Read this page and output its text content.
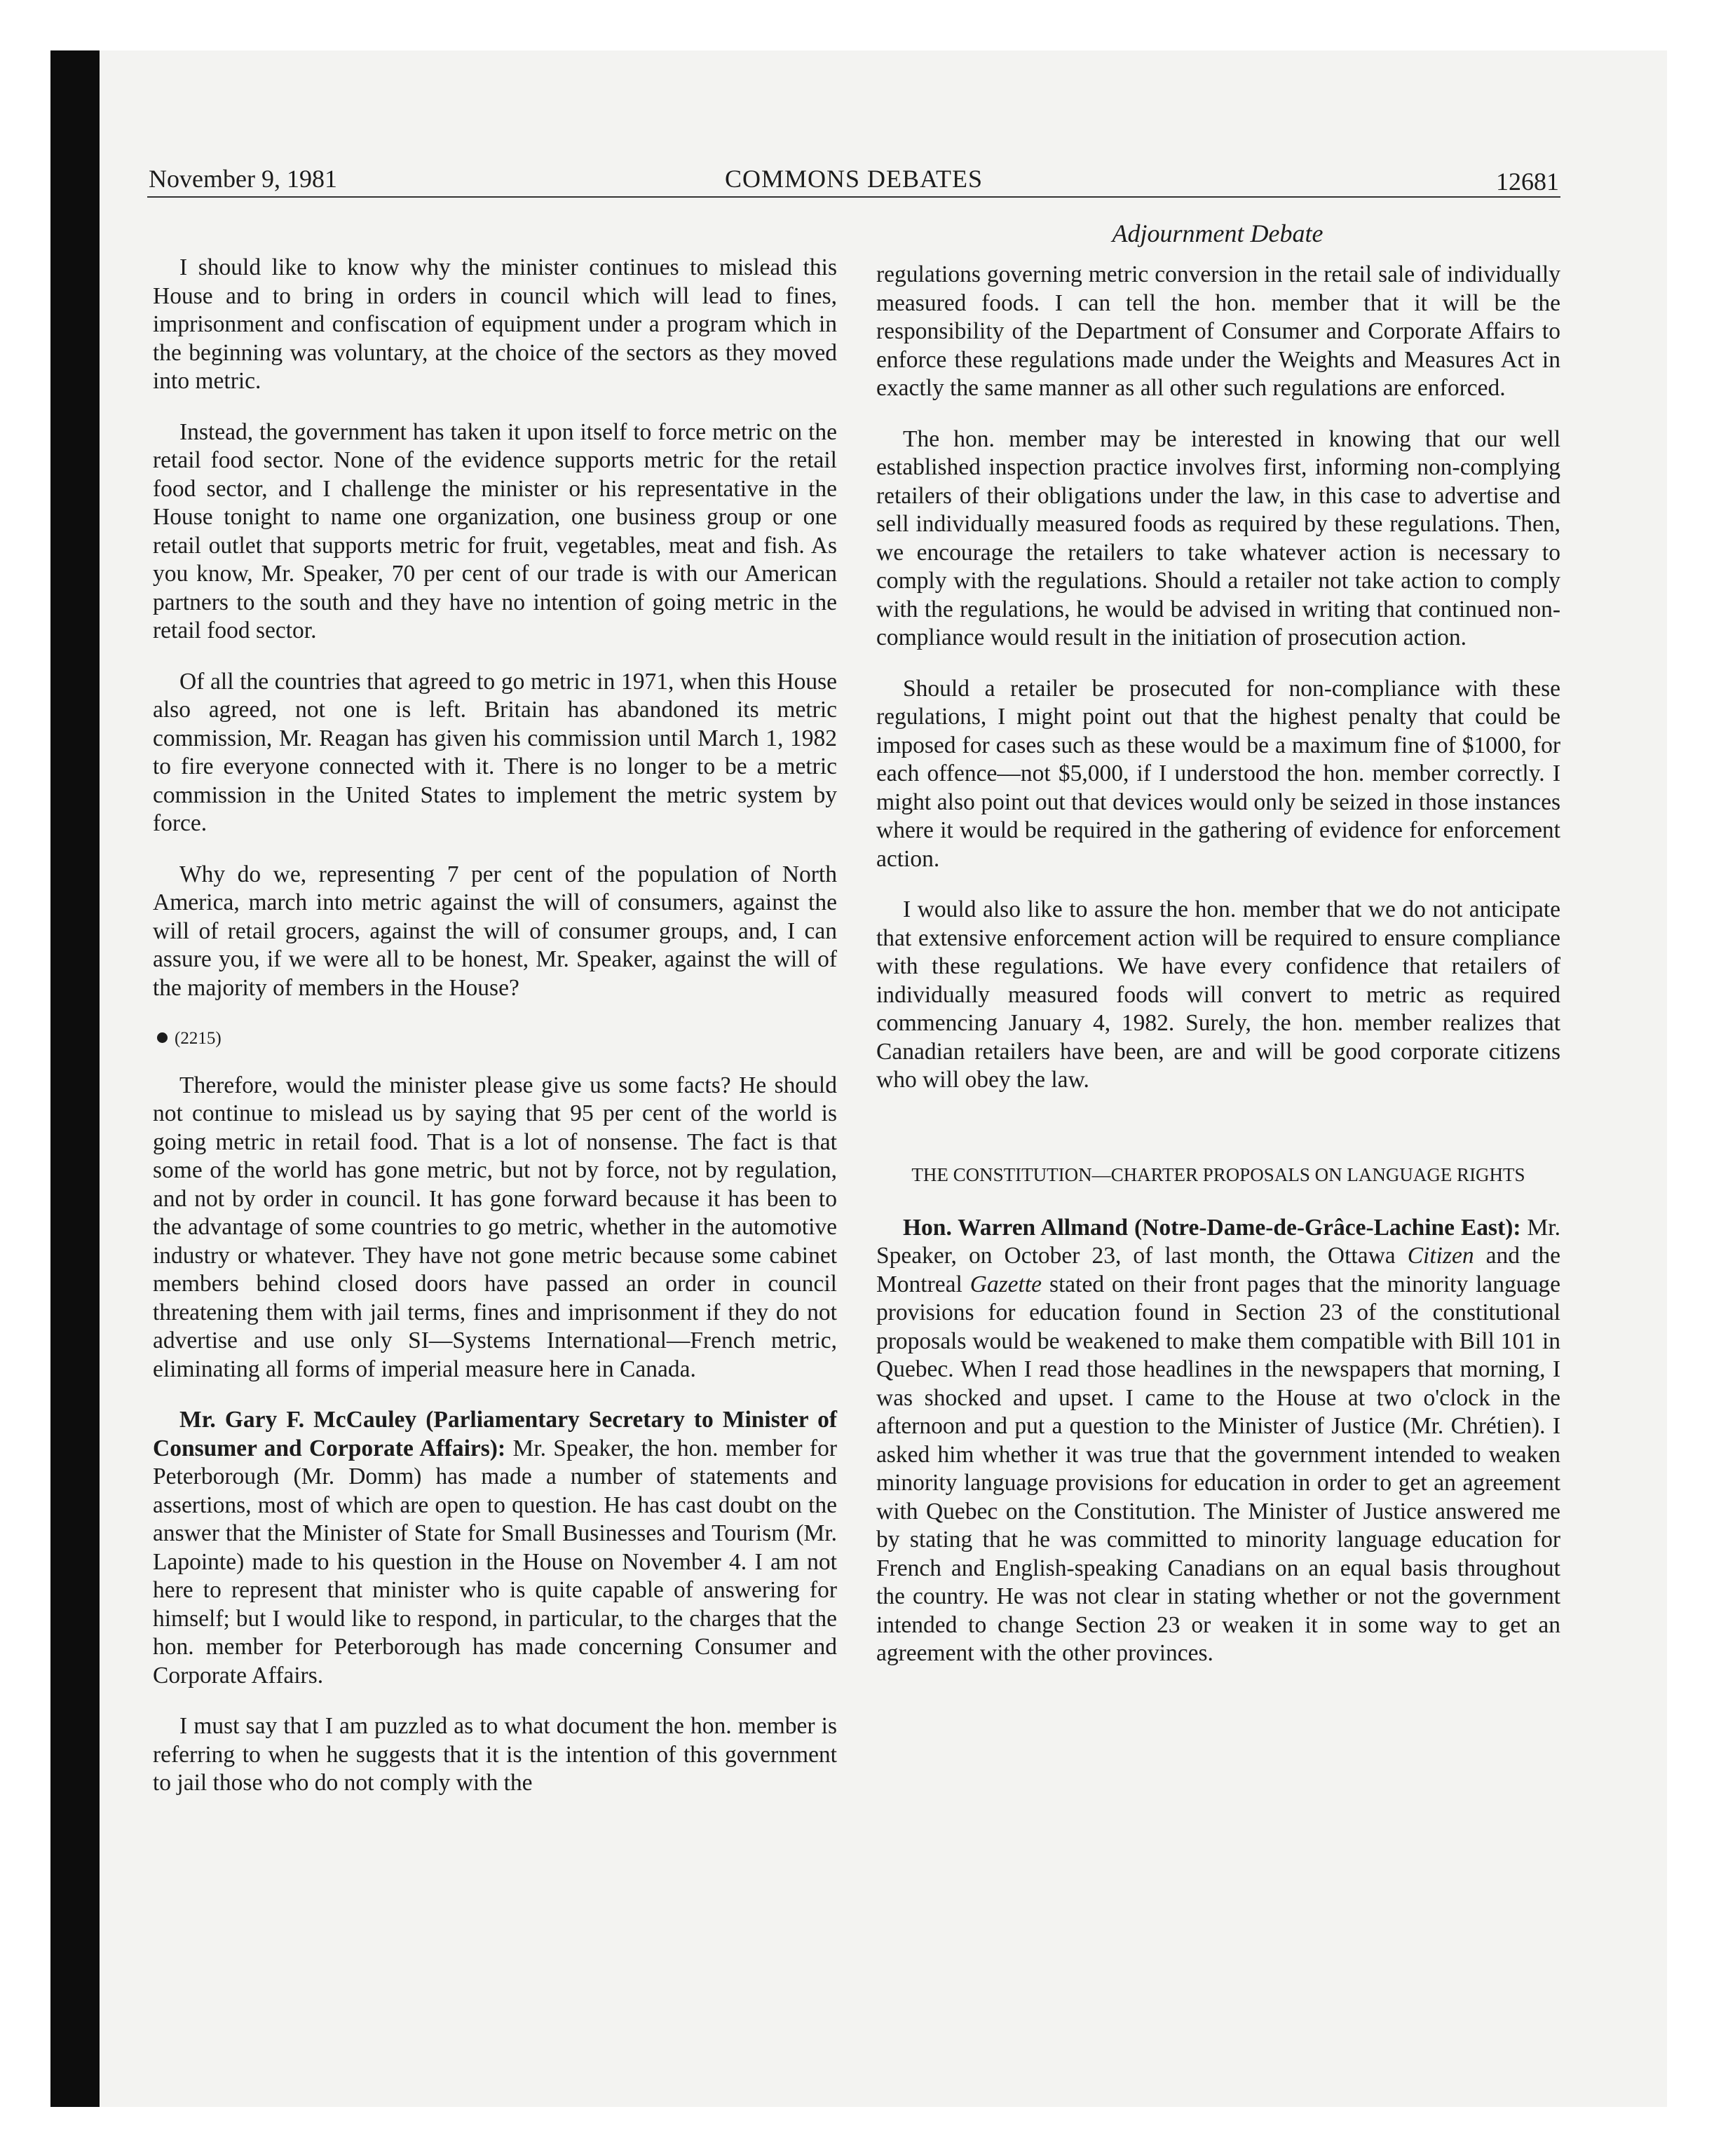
November 9, 1981	COMMONS DEBATES	12681
Adjournment Debate

I should like to know why the minister continues to mislead this House and to bring in orders in council which will lead to fines, imprisonment and confiscation of equipment under a program which in the beginning was voluntary, at the choice of the sectors as they moved into metric.

Instead, the government has taken it upon itself to force metric on the retail food sector. None of the evidence supports metric for the retail food sector, and I challenge the minister or his representative in the House tonight to name one organization, one business group or one retail outlet that supports metric for fruit, vegetables, meat and fish. As you know, Mr. Speaker, 70 per cent of our trade is with our American partners to the south and they have no intention of going metric in the retail food sector.

Of all the countries that agreed to go metric in 1971, when this House also agreed, not one is left. Britain has abandoned its metric commission, Mr. Reagan has given his commission until March 1, 1982 to fire everyone connected with it. There is no longer to be a metric commission in the United States to implement the metric system by force.

Why do we, representing 7 per cent of the population of North America, march into metric against the will of consumers, against the will of retail grocers, against the will of consumer groups, and, I can assure you, if we were all to be honest, Mr. Speaker, against the will of the majority of members in the House?

(2215)

Therefore, would the minister please give us some facts? He should not continue to mislead us by saying that 95 per cent of the world is going metric in retail food. That is a lot of nonsense. The fact is that some of the world has gone metric, but not by force, not by regulation, and not by order in council. It has gone forward because it has been to the advantage of some countries to go metric, whether in the automotive industry or whatever. They have not gone metric because some cabinet members behind closed doors have passed an order in council threatening them with jail terms, fines and imprisonment if they do not advertise and use only SI—Systems International—French metric, eliminating all forms of imperial measure here in Canada.

Mr. Gary F. McCauley (Parliamentary Secretary to Minister of Consumer and Corporate Affairs): Mr. Speaker, the hon. member for Peterborough (Mr. Domm) has made a number of statements and assertions, most of which are open to question. He has cast doubt on the answer that the Minister of State for Small Businesses and Tourism (Mr. Lapointe) made to his question in the House on November 4. I am not here to represent that minister who is quite capable of answering for himself; but I would like to respond, in particular, to the charges that the hon. member for Peterborough has made concerning Consumer and Corporate Affairs.

I must say that I am puzzled as to what document the hon. member is referring to when he suggests that it is the intention of this government to jail those who do not comply with the

regulations governing metric conversion in the retail sale of individually measured foods. I can tell the hon. member that it will be the responsibility of the Department of Consumer and Corporate Affairs to enforce these regulations made under the Weights and Measures Act in exactly the same manner as all other such regulations are enforced.

The hon. member may be interested in knowing that our well established inspection practice involves first, informing non-complying retailers of their obligations under the law, in this case to advertise and sell individually measured foods as required by these regulations. Then, we encourage the retailers to take whatever action is necessary to comply with the regulations. Should a retailer not take action to comply with the regulations, he would be advised in writing that continued non-compliance would result in the initiation of prosecution action.

Should a retailer be prosecuted for non-compliance with these regulations, I might point out that the highest penalty that could be imposed for cases such as these would be a maximum fine of $1000, for each offence—not $5,000, if I understood the hon. member correctly. I might also point out that devices would only be seized in those instances where it would be required in the gathering of evidence for enforcement action.

I would also like to assure the hon. member that we do not anticipate that extensive enforcement action will be required to ensure compliance with these regulations. We have every confidence that retailers of individually measured foods will convert to metric as required commencing January 4, 1982. Surely, the hon. member realizes that Canadian retailers have been, are and will be good corporate citizens who will obey the law.

THE CONSTITUTION—CHARTER PROPOSALS ON LANGUAGE RIGHTS

Hon. Warren Allmand (Notre-Dame-de-Grâce-Lachine East): Mr. Speaker, on October 23, of last month, the Ottawa Citizen and the Montreal Gazette stated on their front pages that the minority language provisions for education found in Section 23 of the constitutional proposals would be weakened to make them compatible with Bill 101 in Quebec. When I read those headlines in the newspapers that morning, I was shocked and upset. I came to the House at two o'clock in the afternoon and put a question to the Minister of Justice (Mr. Chrétien). I asked him whether it was true that the government intended to weaken minority language provisions for education in order to get an agreement with Quebec on the Constitution. The Minister of Justice answered me by stating that he was committed to minority language education for French and English-speaking Canadians on an equal basis throughout the country. He was not clear in stating whether or not the government intended to change Section 23 or weaken it in some way to get an agreement with the other provinces.
